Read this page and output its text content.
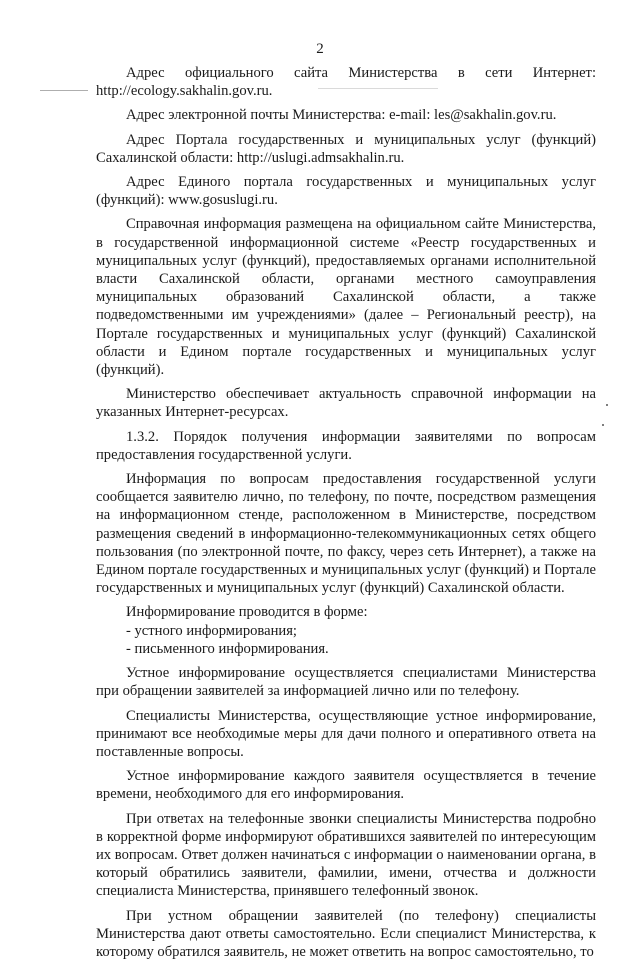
2

Адрес официального сайта Министерства в сети Интернет: http://ecology.sakhalin.gov.ru.

Адрес электронной почты Министерства: e-mail: les@sakhalin.gov.ru.

Адрес Портала государственных и муниципальных услуг (функций) Сахалинской области: http://uslugi.admsakhalin.ru.

Адрес Единого портала государственных и муниципальных услуг (функций): www.gosuslugi.ru.

Справочная информация размещена на официальном сайте Министерства, в государственной информационной системе «Реестр государственных и муниципальных услуг (функций), предоставляемых органами исполнительной власти Сахалинской области, органами местного самоуправления муниципальных образований Сахалинской области, а также подведомственными им учреждениями» (далее – Региональный реестр), на Портале государственных и муниципальных услуг (функций) Сахалинской области и Едином портале государственных и муниципальных услуг (функций).

Министерство обеспечивает актуальность справочной информации на указанных Интернет-ресурсах.

1.3.2. Порядок получения информации заявителями по вопросам предоставления государственной услуги.

Информация по вопросам предоставления государственной услуги сообщается заявителю лично, по телефону, по почте, посредством размещения на информационном стенде, расположенном в Министерстве, посредством размещения сведений в информационно-телекоммуникационных сетях общего пользования (по электронной почте, по факсу, через сеть Интернет), а также на Едином портале государственных и муниципальных услуг (функций) и Портале государственных и муниципальных услуг (функций) Сахалинской области.

Информирование проводится в форме:

- устного информирования;

- письменного информирования.

Устное информирование осуществляется специалистами Министерства при обращении заявителей за информацией лично или по телефону.

Специалисты Министерства, осуществляющие устное информирование, принимают все необходимые меры для дачи полного и оперативного ответа на поставленные вопросы.

Устное информирование каждого заявителя осуществляется в течение времени, необходимого для его информирования.

При ответах на телефонные звонки специалисты Министерства подробно в корректной форме информируют обратившихся заявителей по интересующим их вопросам. Ответ должен начинаться с информации о наименовании органа, в который обратились заявители, фамилии, имени, отчества и должности специалиста Министерства, принявшего телефонный звонок.

При устном обращении заявителей (по телефону) специалисты Министерства дают ответы самостоятельно. Если специалист Министерства, к которому обратился заявитель, не может ответить на вопрос самостоятельно, то
